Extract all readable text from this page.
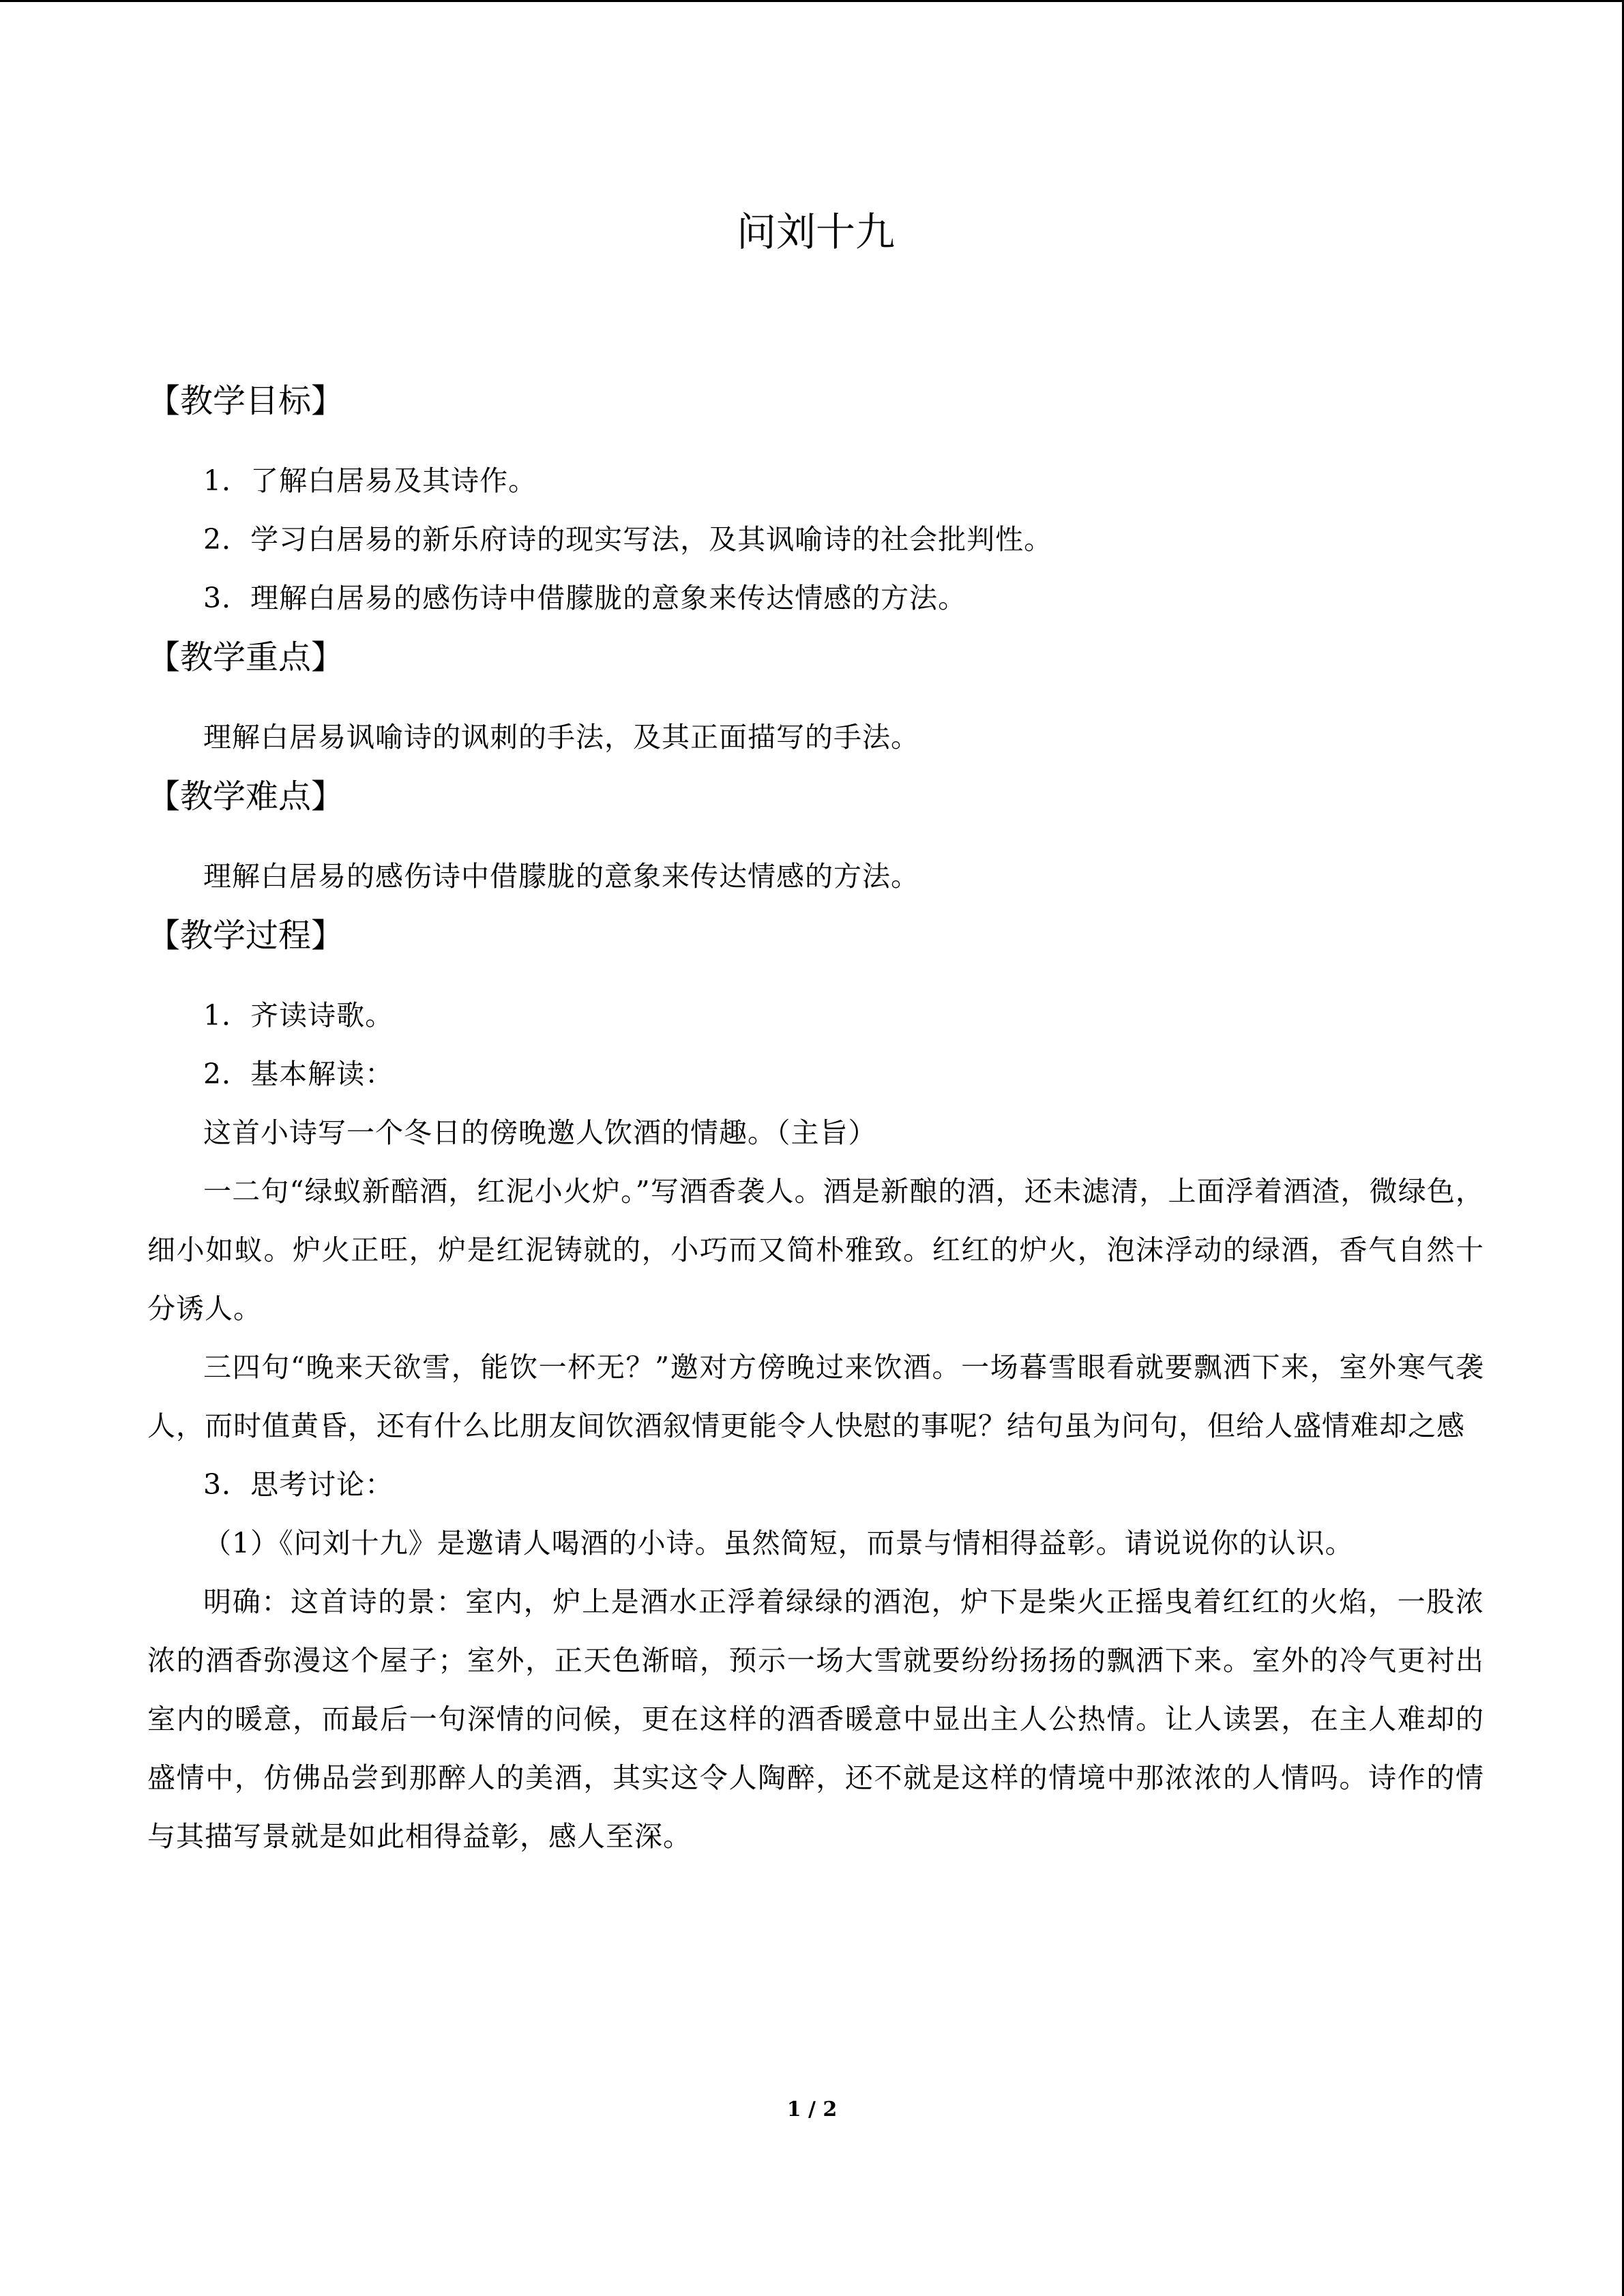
问刘十九
【教学目标】

1．了解白居易及其诗作。

2．学习白居易的新乐府诗的现实写法，及其讽喻诗的社会批判性。

3．理解白居易的感伤诗中借朦胧的意象来传达情感的方法。

【教学重点】

理解白居易讽喻诗的讽刺的手法，及其正面描写的手法。

【教学难点】

理解白居易的感伤诗中借朦胧的意象来传达情感的方法。

【教学过程】

1．齐读诗歌。

2．基本解读：

这首小诗写一个冬日的傍晚邀人饮酒的情趣。（主旨）

一二句“绿蚁新醅酒，红泥小火炉。”写酒香袭人。酒是新酿的酒，还未滤清，上面浮着酒渣，微绿色，细小如蚁。炉火正旺，炉是红泥铸就的，小巧而又简朴雅致。红红的炉火，泡沫浮动的绿酒，香气自然十分诱人。

三四句“晚来天欲雪，能饮一杯无？”邀对方傍晚过来饮酒。一场暮雪眼看就要飘洒下来，室外寒气袭人，而时值黄昏，还有什么比朋友间饮酒叙情更能令人快慰的事呢？结句虽为问句，但给人盛情难却之感

3．思考讨论：

（1）《问刘十九》是邀请人喝酒的小诗。虽然简短，而景与情相得益彰。请说说你的认识。

明确：这首诗的景：室内，炉上是酒水正浮着绿绿的酒泡，炉下是柴火正摇曳着红红的火焰，一股浓浓的酒香弥漫这个屋子；室外，正天色渐暗，预示一场大雪就要纷纷扬扬的飘洒下来。室外的冷气更衬出室内的暖意，而最后一句深情的问候，更在这样的酒香暖意中显出主人公热情。让人读罢，在主人难却的盛情中，仿佛品尝到那醉人的美酒，其实这令人陶醉，还不就是这样的情境中那浓浓的人情吗。诗作的情与其描写景就是如此相得益彰，感人至深。

1 / 2
